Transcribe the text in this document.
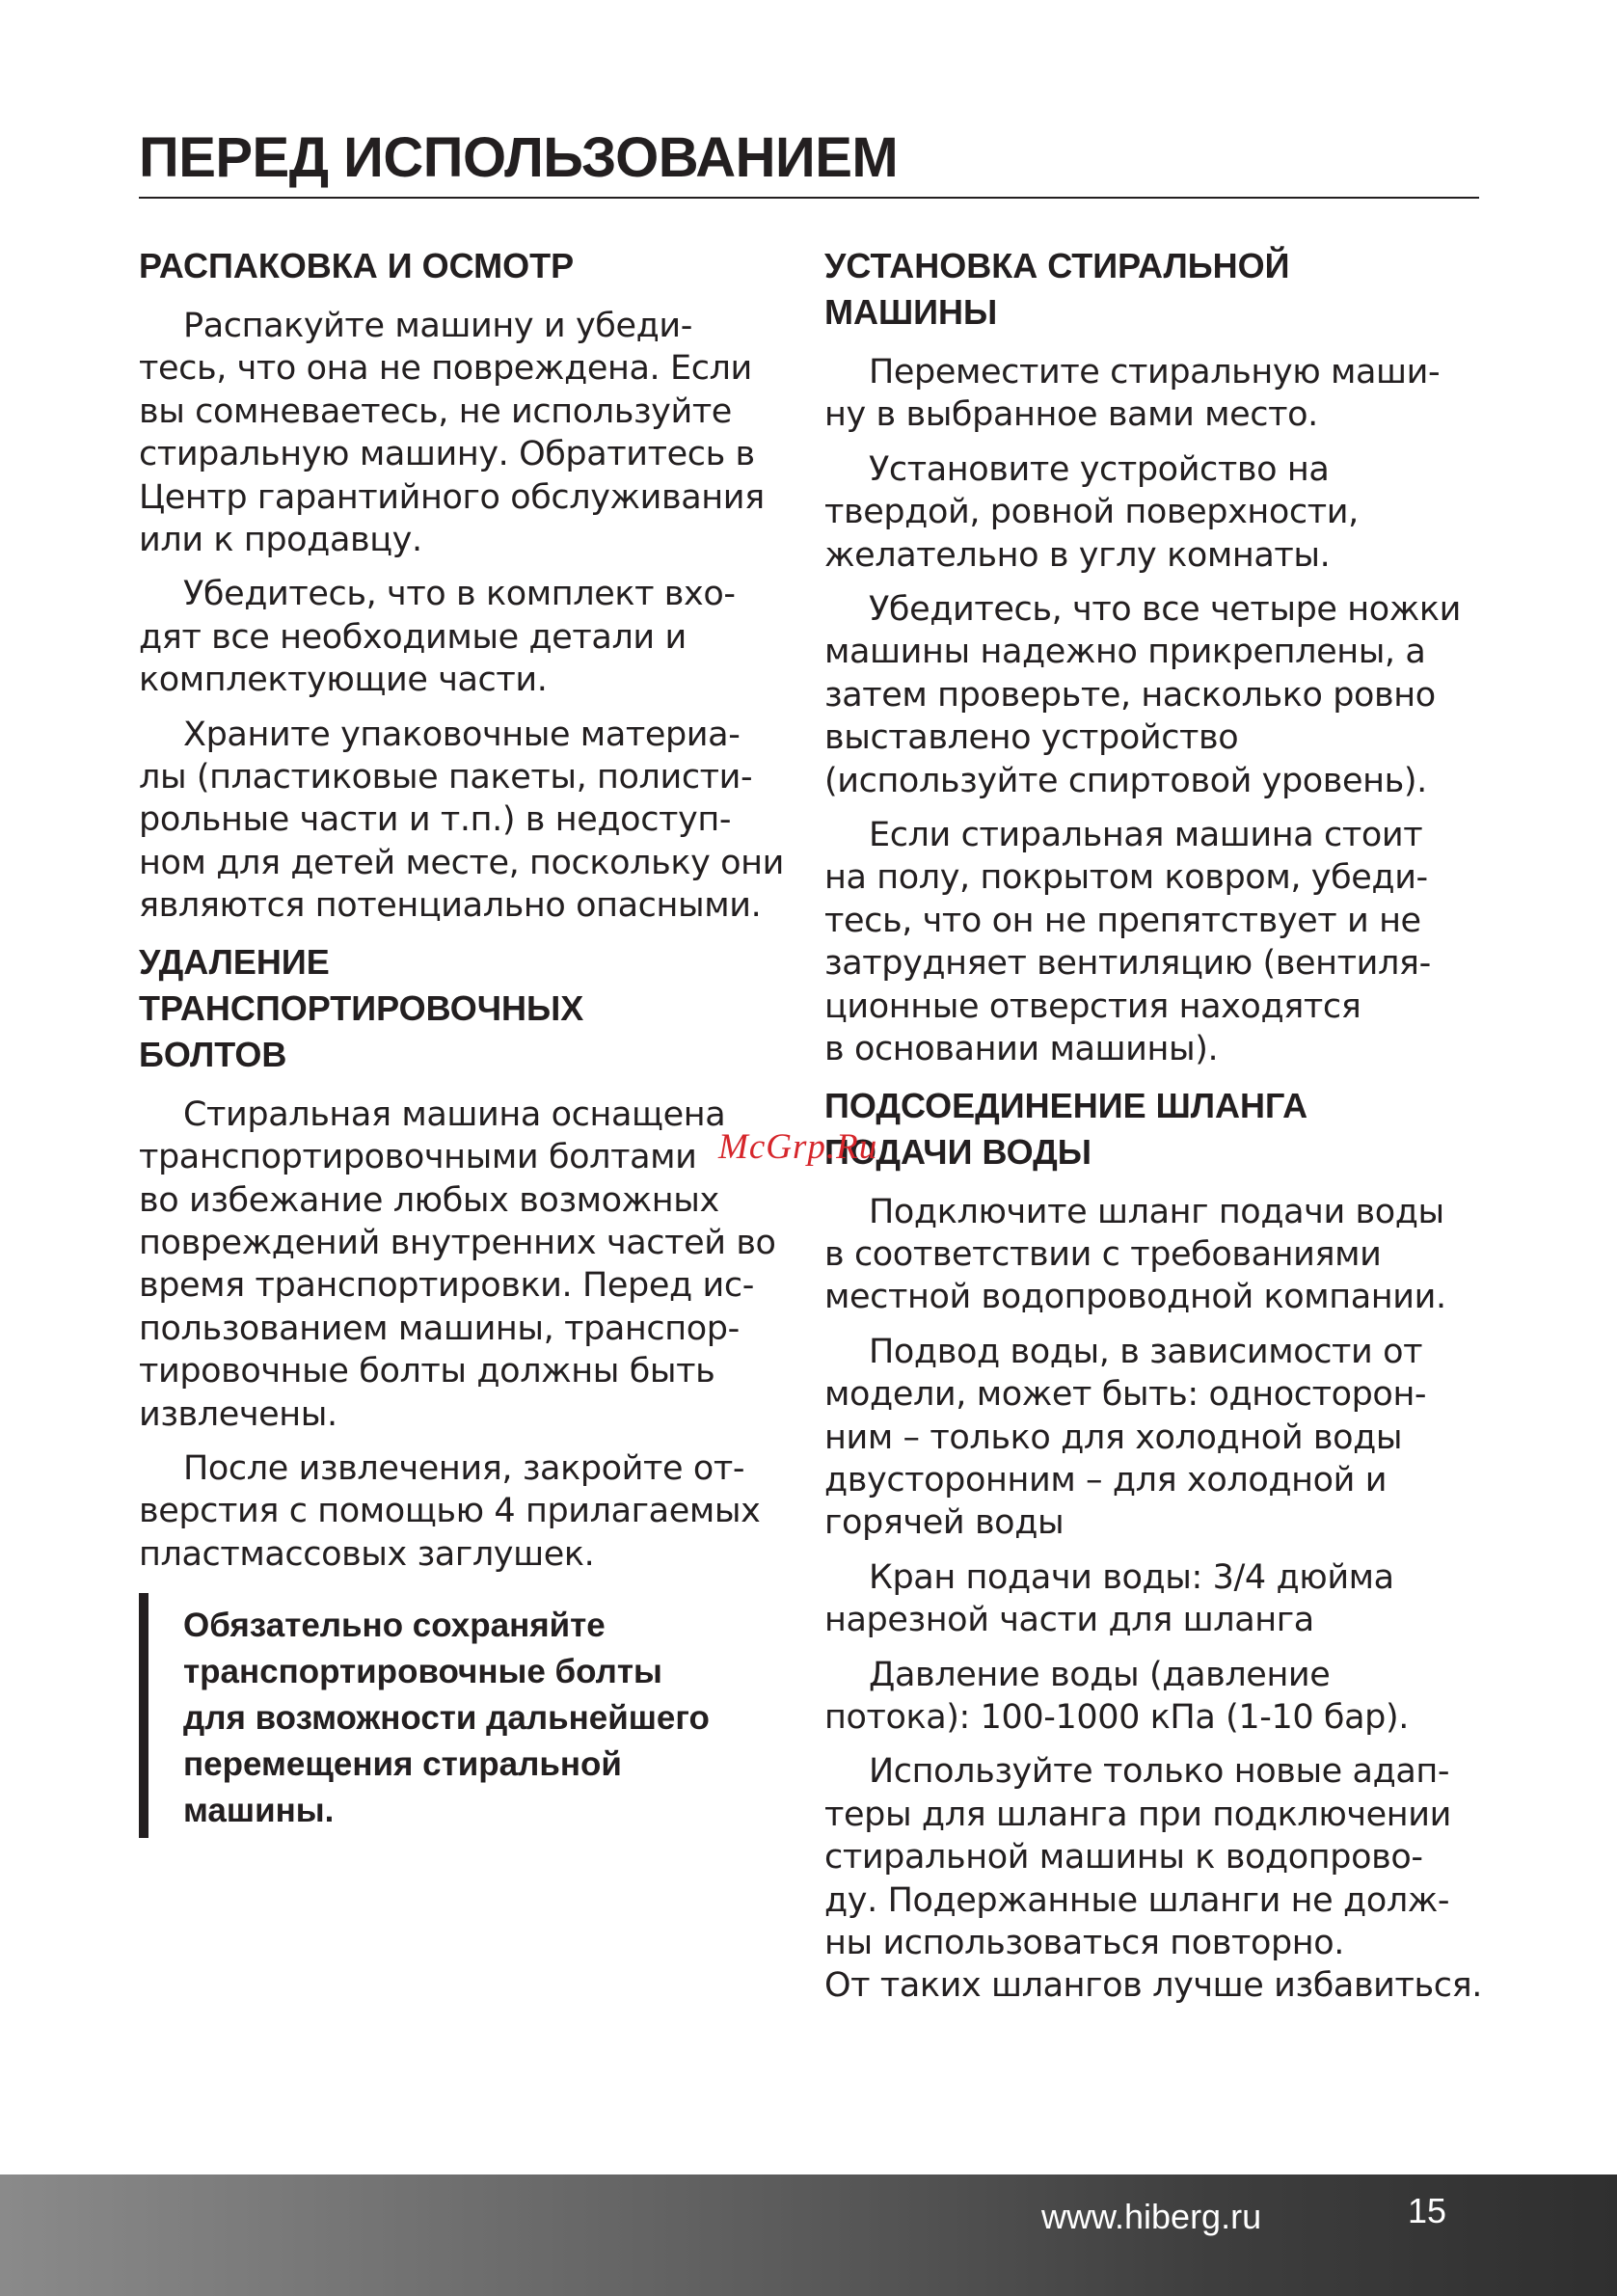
ПЕРЕД ИСПОЛЬЗОВАНИЕМ
РАСПАКОВКА И ОСМОТР

Распакуйте машину и убеди-
тесь, что она не повреждена. Если
вы сомневаетесь, не используйте
стиральную машину. Обратитесь в
Центр гарантийного обслуживания
или к продавцу.

Убедитесь, что в комплект вхо-
дят все необходимые детали и
комплектующие части.

Храните упаковочные материа-
лы (пластиковые пакеты, полисти-
рольные части и т.п.) в недоступ-
ном для детей месте, поскольку они
являются потенциально опасными.

УДАЛЕНИЕ
ТРАНСПОРТИРОВОЧНЫХ
БОЛТОВ

Стиральная машина оснащена
транспортировочными болтами
во избежание любых возможных
повреждений внутренних частей во
время транспортировки. Перед ис-
пользованием машины, транспор-
тировочные болты должны быть
извлечены.

После извлечения, закройте от-
верстия с помощью 4 прилагаемых
пластмассовых заглушек.

Обязательно сохраняйте
транспортировочные болты
для возможности дальнейшего
перемещения стиральной
машины.
УСТАНОВКА СТИРАЛЬНОЙ
МАШИНЫ

Переместите стиральную маши-
ну в выбранное вами место.

Установите устройство на
твердой, ровной поверхности,
желательно в углу комнаты.

Убедитесь, что все четыре ножки
машины надежно прикреплены, а
затем проверьте, насколько ровно
выставлено устройство
(используйте спиртовой уровень).

Если стиральная машина стоит
на полу, покрытом ковром, убеди-
тесь, что он не препятствует и не
затрудняет вентиляцию (вентиля-
ционные отверстия находятся
в основании машины).

ПОДСОЕДИНЕНИЕ ШЛАНГА
ПОДАЧИ ВОДЫ

Подключите шланг подачи воды
в соответствии с требованиями
местной водопроводной компании.

Подвод воды, в зависимости от
модели, может быть: односторон-
ним – только для холодной воды
двусторонним – для холодной и
горячей воды

Кран подачи воды: 3/4 дюйма
нарезной части для шланга

Давление воды (давление
потока): 100-1000 кПа (1-10 бар).

Используйте только новые адап-
теры для шланга при подключении
стиральной машины к водопрово-
ду. Подержанные шланги не долж-
ны использоваться повторно.
От таких шлангов лучше избавиться.

McGrp.Ru
www.hiberg.ru	15
